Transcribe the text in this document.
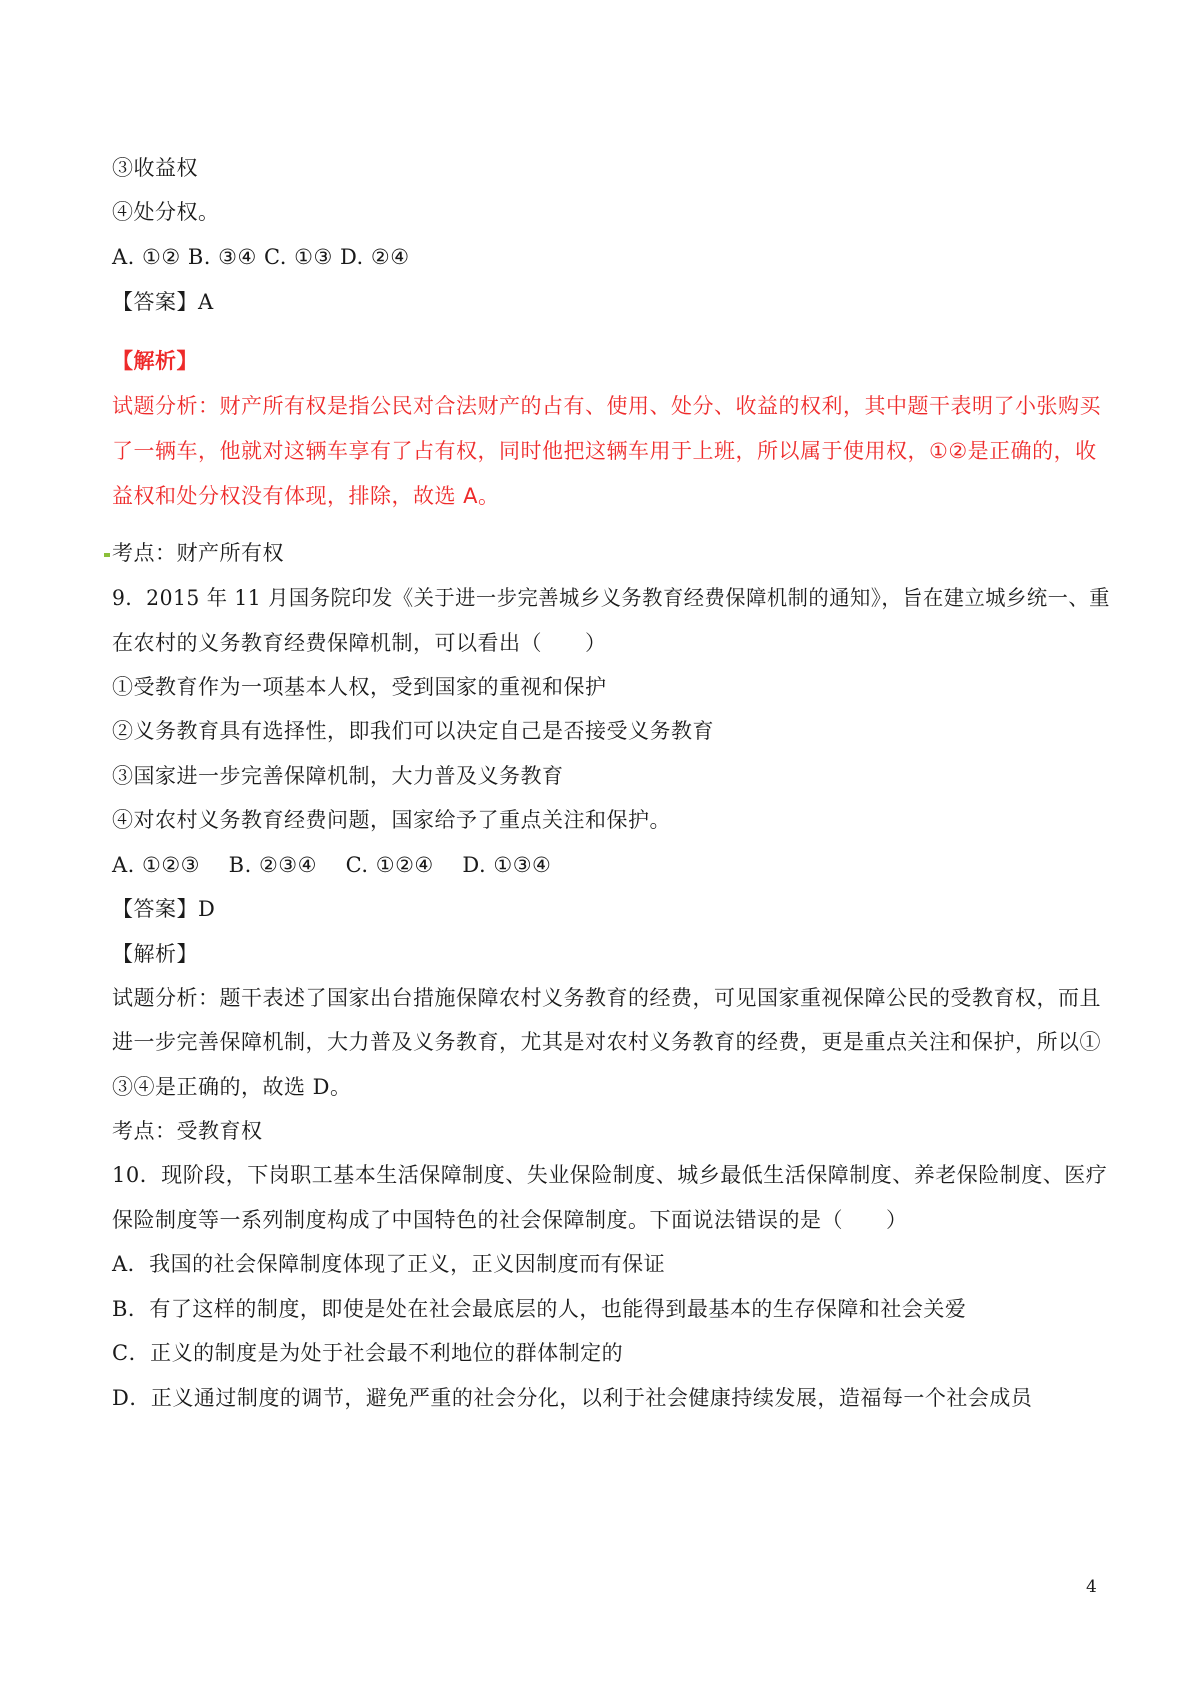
③收益权
④处分权。
A. ①② B. ③④ C. ①③ D. ②④
【答案】A
【解析】
试题分析：财产所有权是指公民对合法财产的占有、使用、处分、收益的权利，其中题干表明了小张购买
了一辆车，他就对这辆车享有了占有权，同时他把这辆车用于上班，所以属于使用权，①②是正确的，收
益权和处分权没有体现，排除，故选 A。
考点：财产所有权
9．2015 年 11 月国务院印发《关于进一步完善城乡义务教育经费保障机制的通知》，旨在建立城乡统一、重
在农村的义务教育经费保障机制，可以看出（　　）
①受教育作为一项基本人权，受到国家的重视和保护
②义务教育具有选择性，即我们可以决定自己是否接受义务教育
③国家进一步完善保障机制，大力普及义务教育
④对农村义务教育经费问题，国家给予了重点关注和保护。
A. ①②③　 B. ②③④　 C. ①②④　 D. ①③④
【答案】D
【解析】
试题分析：题干表述了国家出台措施保障农村义务教育的经费，可见国家重视保障公民的受教育权，而且
进一步完善保障机制，大力普及义务教育，尤其是对农村义务教育的经费，更是重点关注和保护，所以①
③④是正确的，故选 D。
考点：受教育权
10．现阶段，下岗职工基本生活保障制度、失业保险制度、城乡最低生活保障制度、养老保险制度、医疗
保险制度等一系列制度构成了中国特色的社会保障制度。下面说法错误的是（　　）
A．我国的社会保障制度体现了正义，正义因制度而有保证
B．有了这样的制度，即使是处在社会最底层的人，也能得到最基本的生存保障和社会关爱
C．正义的制度是为处于社会最不利地位的群体制定的
D．正义通过制度的调节，避免严重的社会分化，以利于社会健康持续发展，造福每一个社会成员
4
